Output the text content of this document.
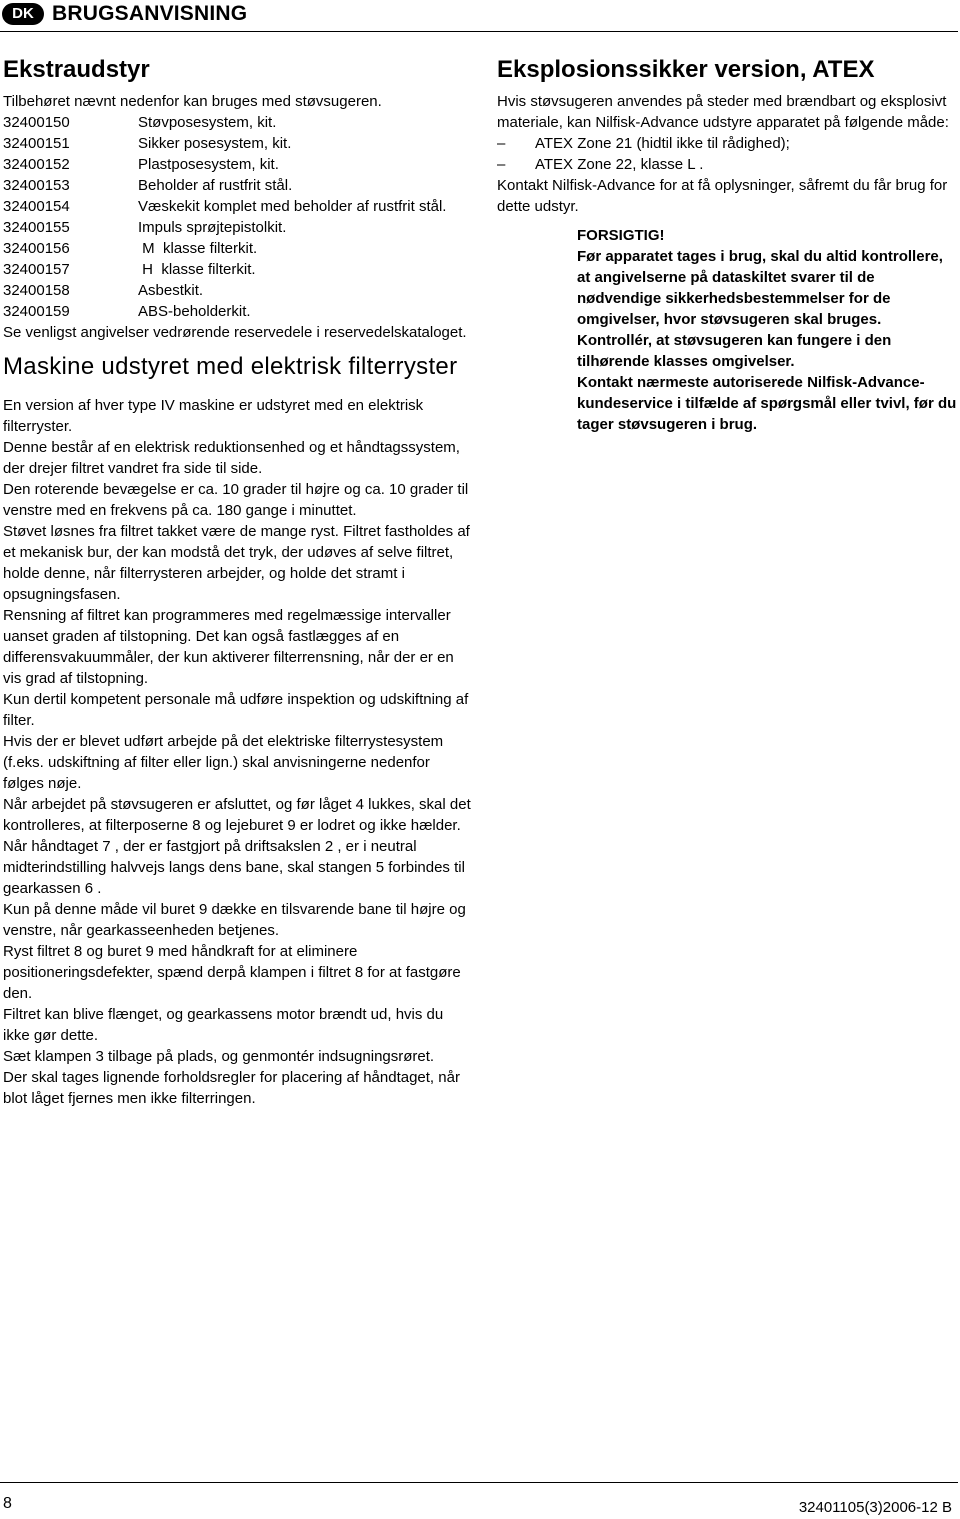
DK BRUGSANVISNING
Ekstraudstyr

Tilbehøret nævnt nedenfor kan bruges med støvsugeren.

32400150	Støvposesystem, kit.
32400151	Sikker posesystem, kit.
32400152	Plastposesystem, kit.
32400153	Beholder af rustfrit stål.
32400154	Væskekit komplet med beholder af rustfrit stål.
32400155	Impuls sprøjtepistolkit.
32400156	M  klasse filterkit.
32400157	H  klasse filterkit.
32400158	Asbestkit.
32400159	ABS-beholderkit.

Se venligst angivelser vedrørende reservedele i reservedelskataloget.

Maskine udstyret med elektrisk filterryster

En version af hver type IV maskine er udstyret med en elektrisk filterryster.

Denne består af en elektrisk reduktionsenhed og et håndtagssystem, der drejer filtret vandret fra side til side.

Den roterende bevægelse er ca. 10 grader til højre og ca. 10 grader til venstre med en frekvens på ca. 180 gange i minuttet.

Støvet løsnes fra filtret takket være de mange ryst. Filtret fastholdes af et mekanisk bur, der kan modstå det tryk, der udøves af selve filtret, holde denne, når filterrysteren arbejder, og holde det stramt i opsugningsfasen.

Rensning af filtret kan programmeres med regelmæssige intervaller uanset graden af tilstopning. Det kan også fastlægges af en differensvakuummåler, der kun aktiverer filterrensning, når der er en vis grad af tilstopning.

Kun dertil kompetent personale må udføre inspektion og udskiftning af filter.

Hvis der er blevet udført arbejde på det elektriske filterrystesystem (f.eks. udskiftning af filter eller lign.) skal anvisningerne nedenfor følges nøje.

Når arbejdet på støvsugeren er afsluttet, og før låget 4 lukkes, skal det kontrolleres, at filterposerne 8 og lejeburet 9 er lodret og ikke hælder.

Når håndtaget 7 , der er fastgjort på driftsakslen 2 , er i neutral midterindstilling halvvejs langs dens bane, skal stangen 5 forbindes til gearkassen 6 .

Kun på denne måde vil buret 9 dække en tilsvarende bane til højre og venstre, når gearkasseenheden betjenes.

Ryst filtret 8 og buret 9 med håndkraft for at eliminere positioneringsdefekter, spænd derpå klampen i filtret 8 for at fastgøre den.

Filtret kan blive flænget, og gearkassens motor brændt ud, hvis du ikke gør dette.

Sæt klampen 3 tilbage på plads, og genmontér indsugningsrøret.

Der skal tages lignende forholdsregler for placering af håndtaget, når blot låget fjernes men ikke filterringen.

Eksplosionssikker version, ATEX

Hvis støvsugeren anvendes på steder med brændbart og eksplosivt materiale, kan Nilfisk-Advance udstyre apparatet på følgende måde:

–	ATEX Zone 21 (hidtil ikke til rådighed);
–	ATEX Zone 22, klasse L .

Kontakt Nilfisk-Advance for at få oplysninger, såfremt du får brug for dette udstyr.

FORSIGTIG!

Før apparatet tages i brug, skal du altid kontrollere, at angivelserne på dataskiltet svarer til de nødvendige sikkerhedsbestemmelser for de omgivelser, hvor støvsugeren skal bruges.

Kontrollér, at støvsugeren kan fungere i den tilhørende klasses omgivelser.

Kontakt nærmeste autoriserede Nilfisk-Advance-kundeservice i tilfælde af spørgsmål eller tvivl, før du tager støvsugeren i brug.

8	32401105(3)2006-12 B
